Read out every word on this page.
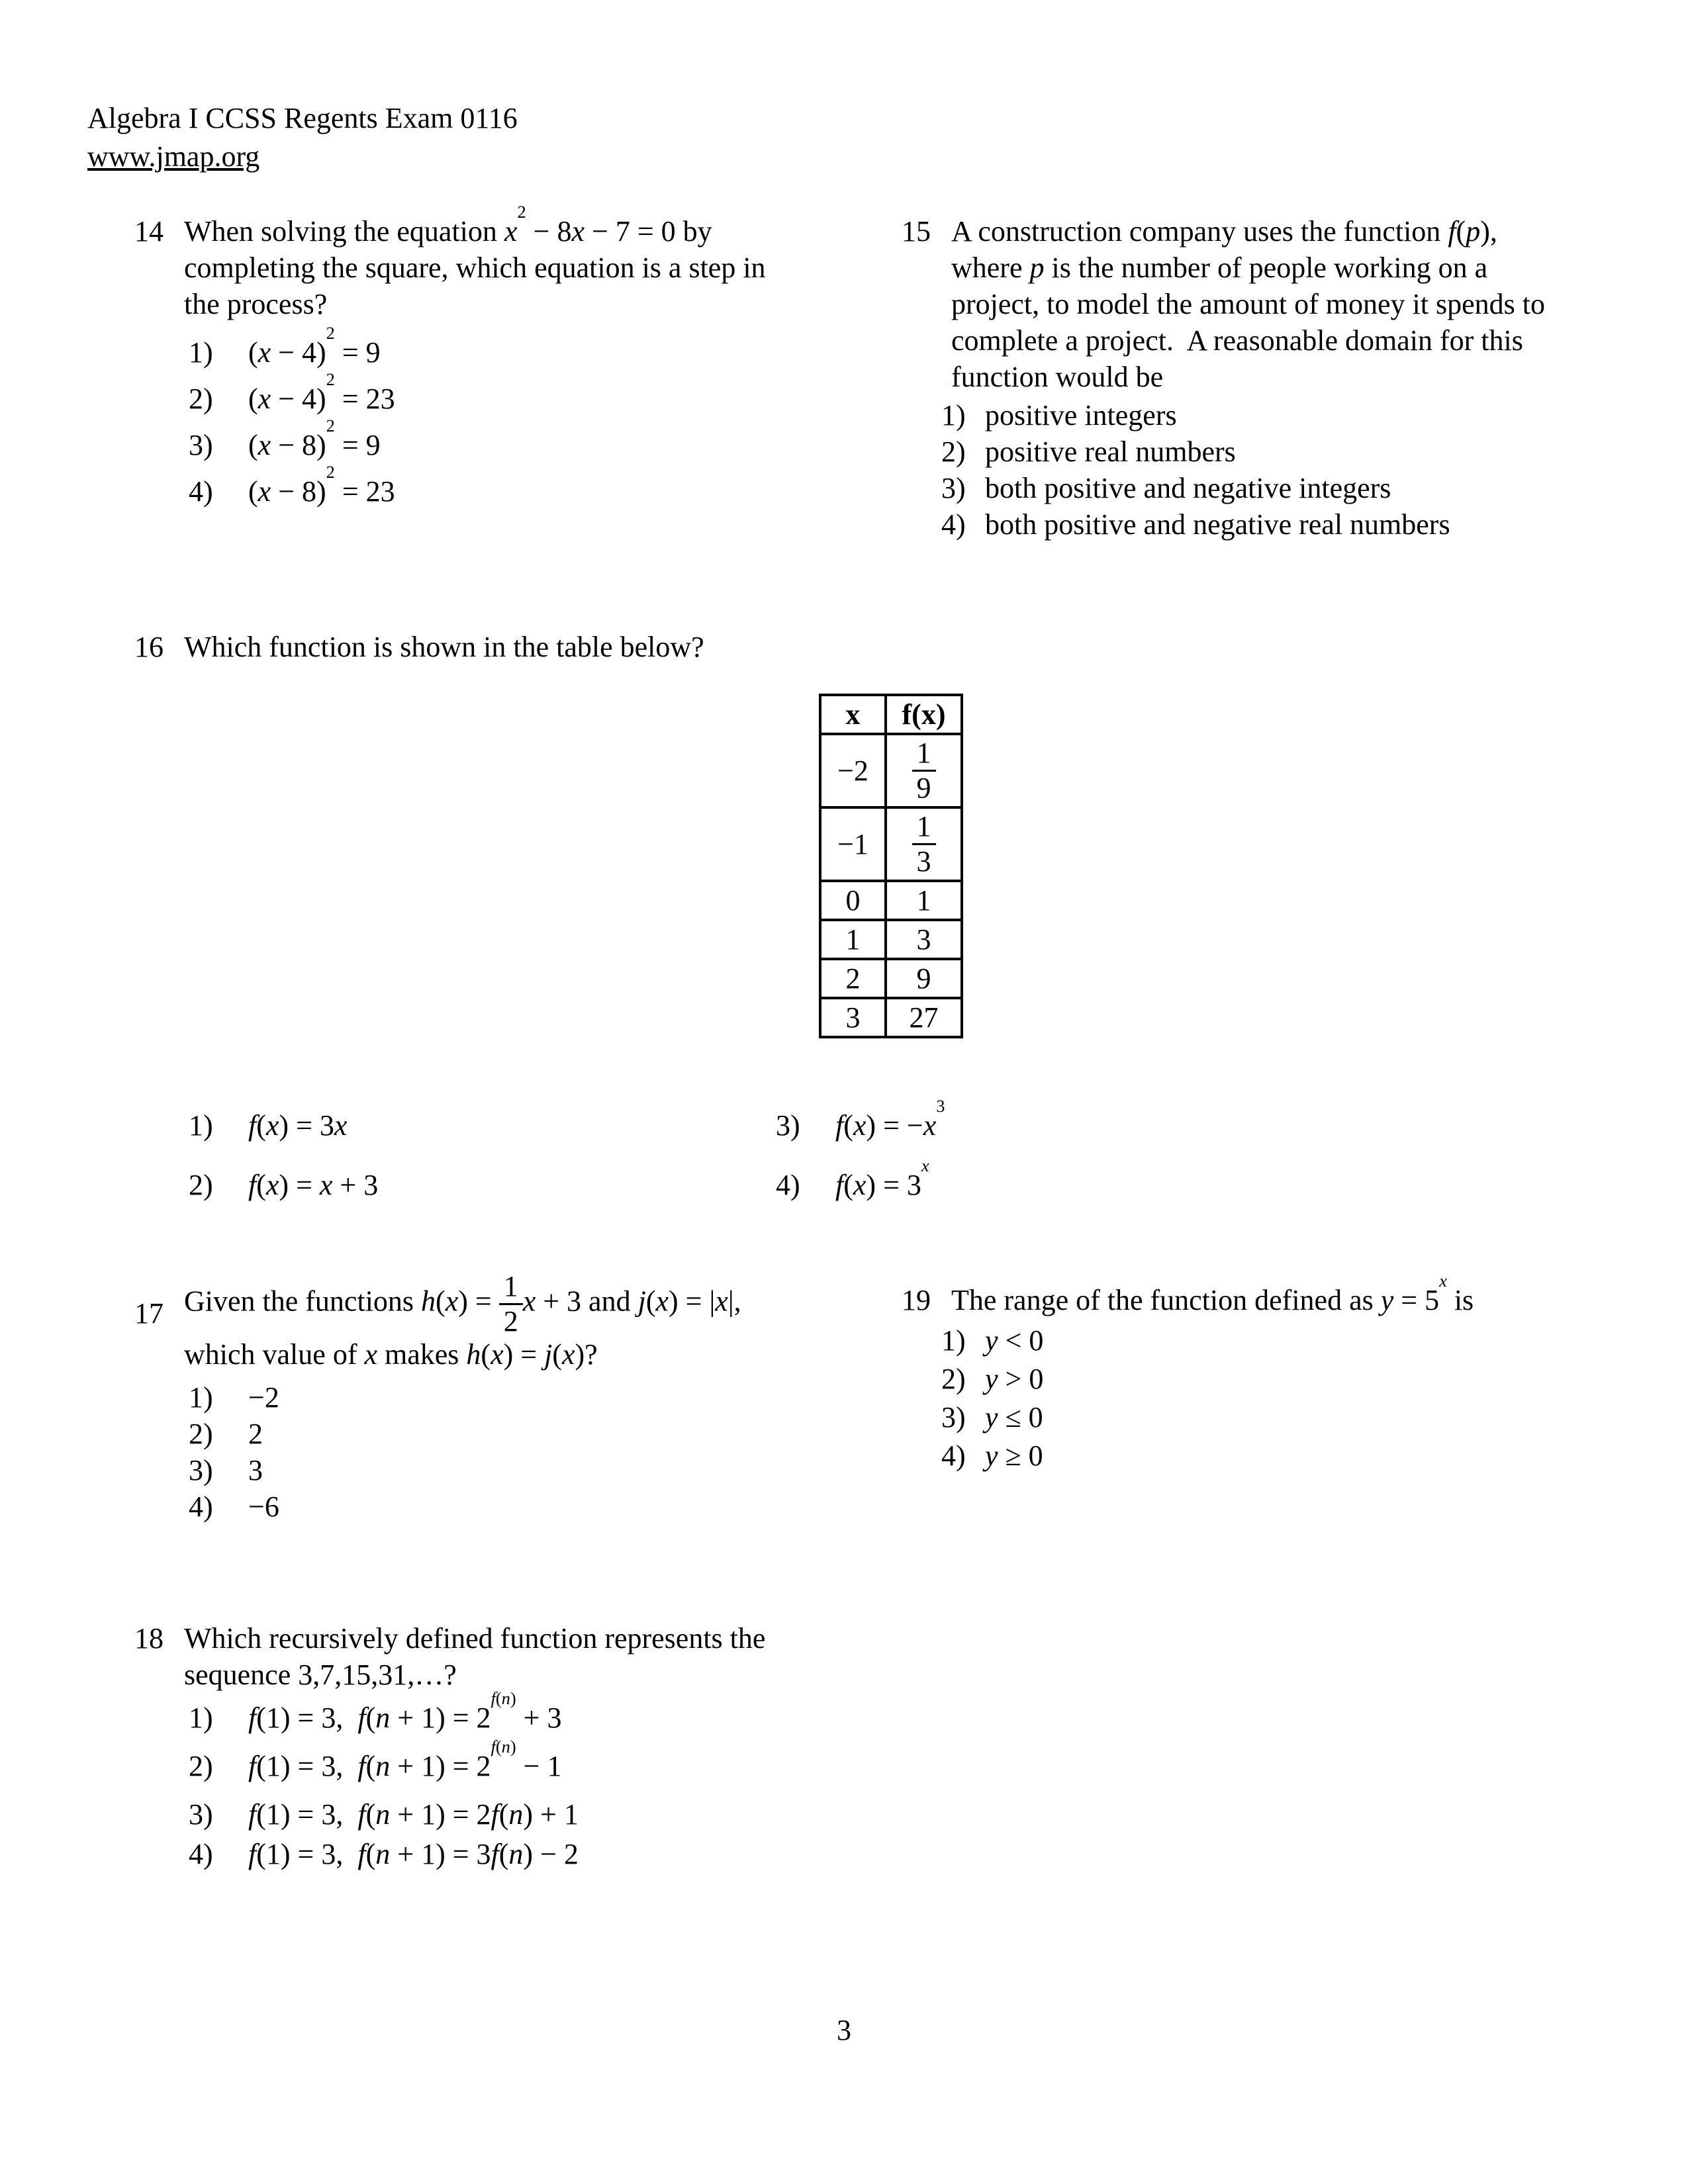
Algebra I CCSS Regents Exam 0116
www.jmap.org
14 When solving the equation $x^2 - 8x - 7 = 0$ by
completing the square, which equation is a step in
the process?
1)	$(x - 4)^2 = 9$
2)	$(x - 4)^2 = 23$
3)	$(x - 8)^2 = 9$
4)	$(x - 8)^2 = 23$
15 A construction company uses the function f(p),
where p is the number of people working on a
project, to model the amount of money it spends to
complete a project.  A reasonable domain for this
function would be
1) positive integers
2) positive real numbers
3) both positive and negative integers
4) both positive and negative real numbers
16 Which function is shown in the table below?
x	f(x)
−2	$\frac{1}{9}$

−1	$\frac{1}{3}$

0	1
1	3
2	9
3	27
1)	f(x) = 3x
2)	f(x) = x + 3
3)	$f(x) = -x^3$
4)	$f(x) = 3^x$
17 Given the functions $h(x) = \frac{1}{2}$ x + 3 and j(x) = |x|,
which value of x makes h(x) = j(x)?
1)	−2
2)	2
3)	3
4)	−6
18 Which recursively defined function represents the
sequence 3,7,15,31,…?
1)	f(1) = 3,  $f(n + 1) = 2^{f(n)} + 3$
2)	f(1) = 3,  $f(n + 1) = 2^{f(n)} - 1$
3)	f(1) = 3,  f(n + 1) = 2f(n) + 1
4)	f(1) = 3,  f(n + 1) = 3f(n) − 2
19 The range of the function defined as $y = 5^x$ is
1) y < 0
2) y > 0
3) y ≤ 0
4) y ≥ 0
3
